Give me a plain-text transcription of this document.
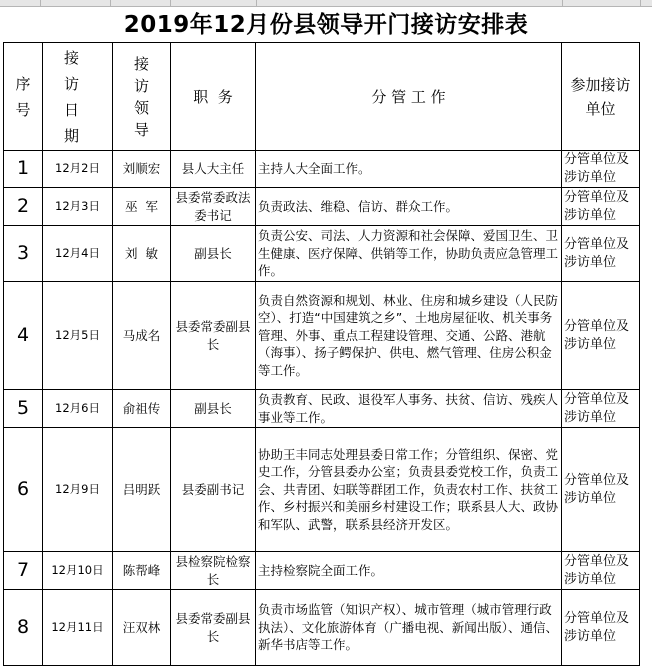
2019年12月份县领导开门接访安排表
序号	接访日期	接访领导	职  务	分 管 工 作	参加接访单位
1	12月2日	刘顺宏	县人大主任	主持人大全面工作。	分管单位及涉访单位
2	12月3日	巫  军	县委常委政法委书记	负责政法、维稳、信访、群众工作。	分管单位及涉访单位
3	12月4日	刘  敏	副县长	负责公安、司法、人力资源和社会保障、爱国卫生、卫生健康、医疗保障、供销等工作，协助负责应急管理工作。	分管单位及涉访单位
4	12月5日	马成名	县委常委副县长	负责自然资源和规划、林业、住房和城乡建设（人民防空）、打造“中国建筑之乡”、土地房屋征收、机关事务管理、外事、重点工程建设管理、交通、公路、港航（海事）、扬子鳄保护、供电、燃气管理、住房公积金等工作。	分管单位及涉访单位
5	12月6日	俞祖传	副县长	负责教育、民政、退役军人事务、扶贫、信访、残疾人事业等工作。	分管单位及涉访单位
6	12月9日	吕明跃	县委副书记	协助王丰同志处理县委日常工作；分管组织、保密、党史工作，分管县委办公室；负责县委党校工作，负责工会、共青团、妇联等群团工作，负责农村工作、扶贫工作、乡村振兴和美丽乡村建设工作；联系县人大、政协和军队、武警，联系县经济开发区。	分管单位及涉访单位
7	12月10日	陈帮峰	县检察院检察长	主持检察院全面工作。	分管单位及涉访单位
8	12月11日	汪双林	县委常委副县长	负责市场监管（知识产权）、城市管理（城市管理行政执法）、文化旅游体育（广播电视、新闻出版）、通信、新华书店等工作。	分管单位及涉访单位
